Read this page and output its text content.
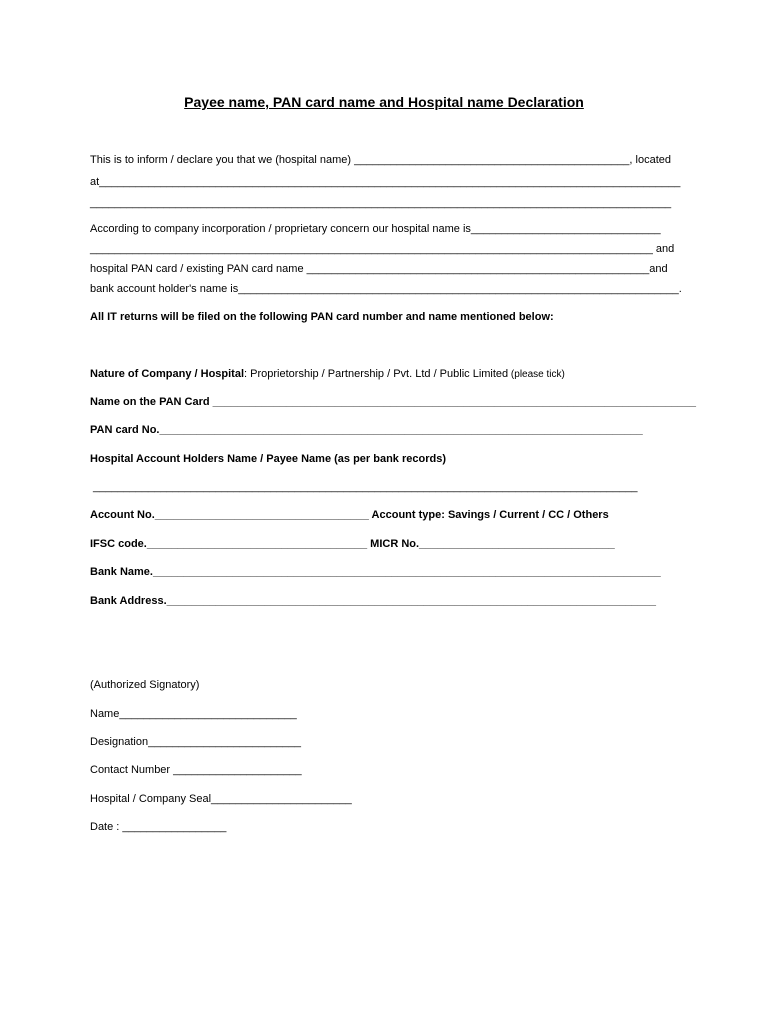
Payee name, PAN card name and Hospital name Declaration
This is to inform / declare you that we (hospital name) _____________________________________________, located
at_______________________________________________________________________________________________
_______________________________________________________________________________________________
According to company incorporation / proprietary concern our hospital name is_______________________________
____________________________________________________________________________________________ and
hospital PAN card / existing PAN card name ________________________________________________________and
bank account holder's name is________________________________________________________________________.
All IT returns will be filed on the following PAN card number and name mentioned below:
Nature of Company / Hospital: Proprietorship / Partnership / Pvt. Ltd / Public Limited (please tick)
Name on the PAN Card _______________________________________________________________________________
PAN card No._______________________________________________________________________________
Hospital Account Holders Name / Payee Name (as per bank records)
_________________________________________________________________________________________
Account No.___________________________________ Account type: Savings / Current / CC / Others
IFSC code.____________________________________ MICR No.________________________________
Bank Name.___________________________________________________________________________________
Bank Address.________________________________________________________________________________
(Authorized Signatory)
Name_____________________________
Designation_________________________
Contact Number _____________________
Hospital / Company Seal_______________________
Date : _________________
